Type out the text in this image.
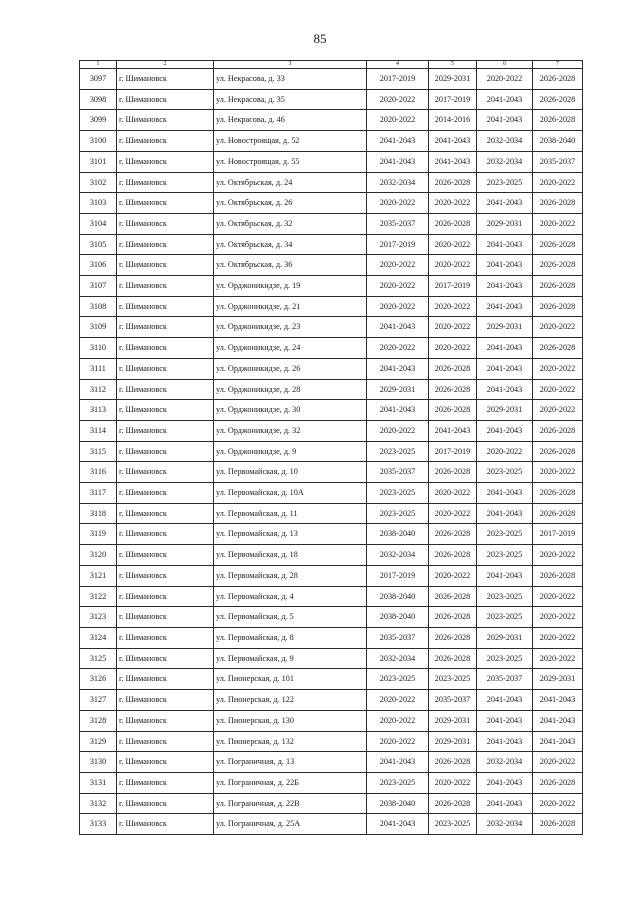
85
1	2	3	4	5	6	7
3097	г. Шимановск	ул. Некрасова, д. 33	2017-2019	2029-2031	2020-2022	2026-2028
3098	г. Шимановск	ул. Некрасова, д. 35	2020-2022	2017-2019	2041-2043	2026-2028
3099	г. Шимановск	ул. Некрасова, д. 46	2020-2022	2014-2016	2041-2043	2026-2028
3100	г. Шимановск	ул. Новостроящая, д. 52	2041-2043	2041-2043	2032-2034	2038-2040
3101	г. Шимановск	ул. Новостроящая, д. 55	2041-2043	2041-2043	2032-2034	2035-2037
3102	г. Шимановск	ул. Октябрьская, д. 24	2032-2034	2026-2028	2023-2025	2020-2022
3103	г. Шимановск	ул. Октябрьская, д. 26	2020-2022	2020-2022	2041-2043	2026-2028
3104	г. Шимановск	ул. Октябрьская, д. 32	2035-2037	2026-2028	2029-2031	2020-2022
3105	г. Шимановск	ул. Октябрьская, д. 34	2017-2019	2020-2022	2041-2043	2026-2028
3106	г. Шимановск	ул. Октябрьская, д. 36	2020-2022	2020-2022	2041-2043	2026-2028
3107	г. Шимановск	ул. Орджоникидзе, д. 19	2020-2022	2017-2019	2041-2043	2026-2028
3108	г. Шимановск	ул. Орджоникидзе, д. 21	2020-2022	2020-2022	2041-2043	2026-2028
3109	г. Шимановск	ул. Орджоникидзе, д. 23	2041-2043	2020-2022	2029-2031	2020-2022
3110	г. Шимановск	ул. Орджоникидзе, д. 24	2020-2022	2020-2022	2041-2043	2026-2028
3111	г. Шимановск	ул. Орджоникидзе, д. 26	2041-2043	2026-2028	2041-2043	2020-2022
3112	г. Шимановск	ул. Орджоникидзе, д. 28	2029-2031	2026-2028	2041-2043	2020-2022
3113	г. Шимановск	ул. Орджоникидзе, д. 30	2041-2043	2026-2028	2029-2031	2020-2022
3114	г. Шимановск	ул. Орджоникидзе, д. 32	2020-2022	2041-2043	2041-2043	2026-2028
3115	г. Шимановск	ул. Орджоникидзе, д. 9	2023-2025	2017-2019	2020-2022	2026-2028
3116	г. Шимановск	ул. Первомайская, д. 10	2035-2037	2026-2028	2023-2025	2020-2022
3117	г. Шимановск	ул. Первомайская, д. 10А	2023-2025	2020-2022	2041-2043	2026-2028
3118	г. Шимановск	ул. Первомайская, д. 11	2023-2025	2020-2022	2041-2043	2026-2028
3119	г. Шимановск	ул. Первомайская, д. 13	2038-2040	2026-2028	2023-2025	2017-2019
3120	г. Шимановск	ул. Первомайская, д. 18	2032-2034	2026-2028	2023-2025	2020-2022
3121	г. Шимановск	ул. Первомайская, д. 28	2017-2019	2020-2022	2041-2043	2026-2028
3122	г. Шимановск	ул. Первомайская, д. 4	2038-2040	2026-2028	2023-2025	2020-2022
3123	г. Шимановск	ул. Первомайская, д. 5	2038-2040	2026-2028	2023-2025	2020-2022
3124	г. Шимановск	ул. Первомайская, д. 8	2035-2037	2026-2028	2029-2031	2020-2022
3125	г. Шимановск	ул. Первомайская, д. 9	2032-2034	2026-2028	2023-2025	2020-2022
3126	г. Шимановск	ул. Пионерская, д. 101	2023-2025	2023-2025	2035-2037	2029-2031
3127	г. Шимановск	ул. Пионерская, д. 122	2020-2022	2035-2037	2041-2043	2041-2043
3128	г. Шимановск	ул. Пионерская, д. 130	2020-2022	2029-2031	2041-2043	2041-2043
3129	г. Шимановск	ул. Пионерская, д. 132	2020-2022	2029-2031	2041-2043	2041-2043
3130	г. Шимановск	ул. Пограничная, д. 13	2041-2043	2026-2028	2032-2034	2020-2022
3131	г. Шимановск	ул. Пограничная, д. 22Б	2023-2025	2020-2022	2041-2043	2026-2028
3132	г. Шимановск	ул. Пограничная, д. 22В	2038-2040	2026-2028	2041-2043	2020-2022
3133	г. Шимановск	ул. Пограничная, д. 25А	2041-2043	2023-2025	2032-2034	2026-2028
